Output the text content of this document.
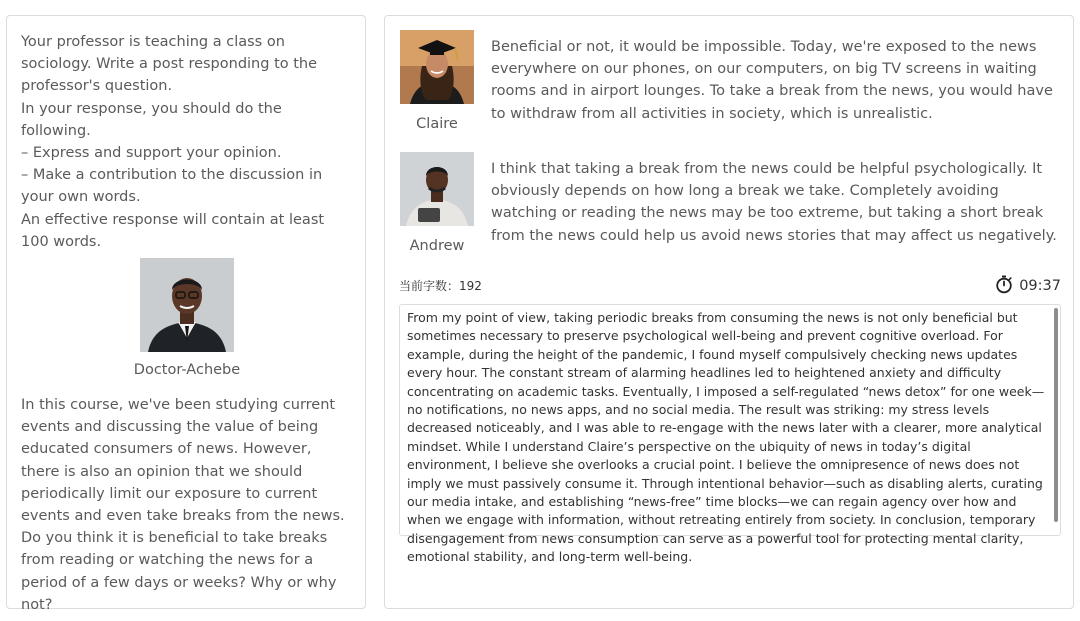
Your professor is teaching a class on sociology. Write a post responding to the professor's question.

In your response, you should do the following.

– Express and support your opinion.

– Make a contribution to the discussion in your own words.

An effective response will contain at least 100 words.

Doctor-Achebe
In this course, we've been studying current events and discussing the value of being educated consumers of news. However, there is also an opinion that we should periodically limit our exposure to current events and even take breaks from the news. Do you think it is beneficial to take breaks from reading or watching the news for a period of a few days or weeks? Why or why not?
Claire
Beneficial or not, it would be impossible. Today, we're exposed to the news everywhere on our phones, on our computers, on big TV screens in waiting rooms and in airport lounges. To take a break from the news, you would have to withdraw from all activities in society, which is unrealistic.
Andrew
I think that taking a break from the news could be helpful psychologically. It obviously depends on how long a break we take. Completely avoiding watching or reading the news may be too extreme, but taking a short break from the news could help us avoid news stories that may affect us negatively.
当前字数：192	09:37
From my point of view, taking periodic breaks from consuming the news is not only beneficial but sometimes necessary to preserve psychological well-being and prevent cognitive overload. For example, during the height of the pandemic, I found myself compulsively checking news updates every hour. The constant stream of alarming headlines led to heightened anxiety and difficulty concentrating on academic tasks. Eventually, I imposed a self-regulated “news detox” for one week—no notifications, no news apps, and no social media. The result was striking: my stress levels decreased noticeably, and I was able to re-engage with the news later with a clearer, more analytical mindset. While I understand Claire’s perspective on the ubiquity of news in today’s digital environment, I believe she overlooks a crucial point. I believe the omnipresence of news does not imply we must passively consume it. Through intentional behavior—such as disabling alerts, curating our media intake, and establishing “news-free” time blocks—we can regain agency over how and when we engage with information, without retreating entirely from society. In conclusion, temporary disengagement from news consumption can serve as a powerful tool for protecting mental clarity, emotional stability, and long-term well-being.
